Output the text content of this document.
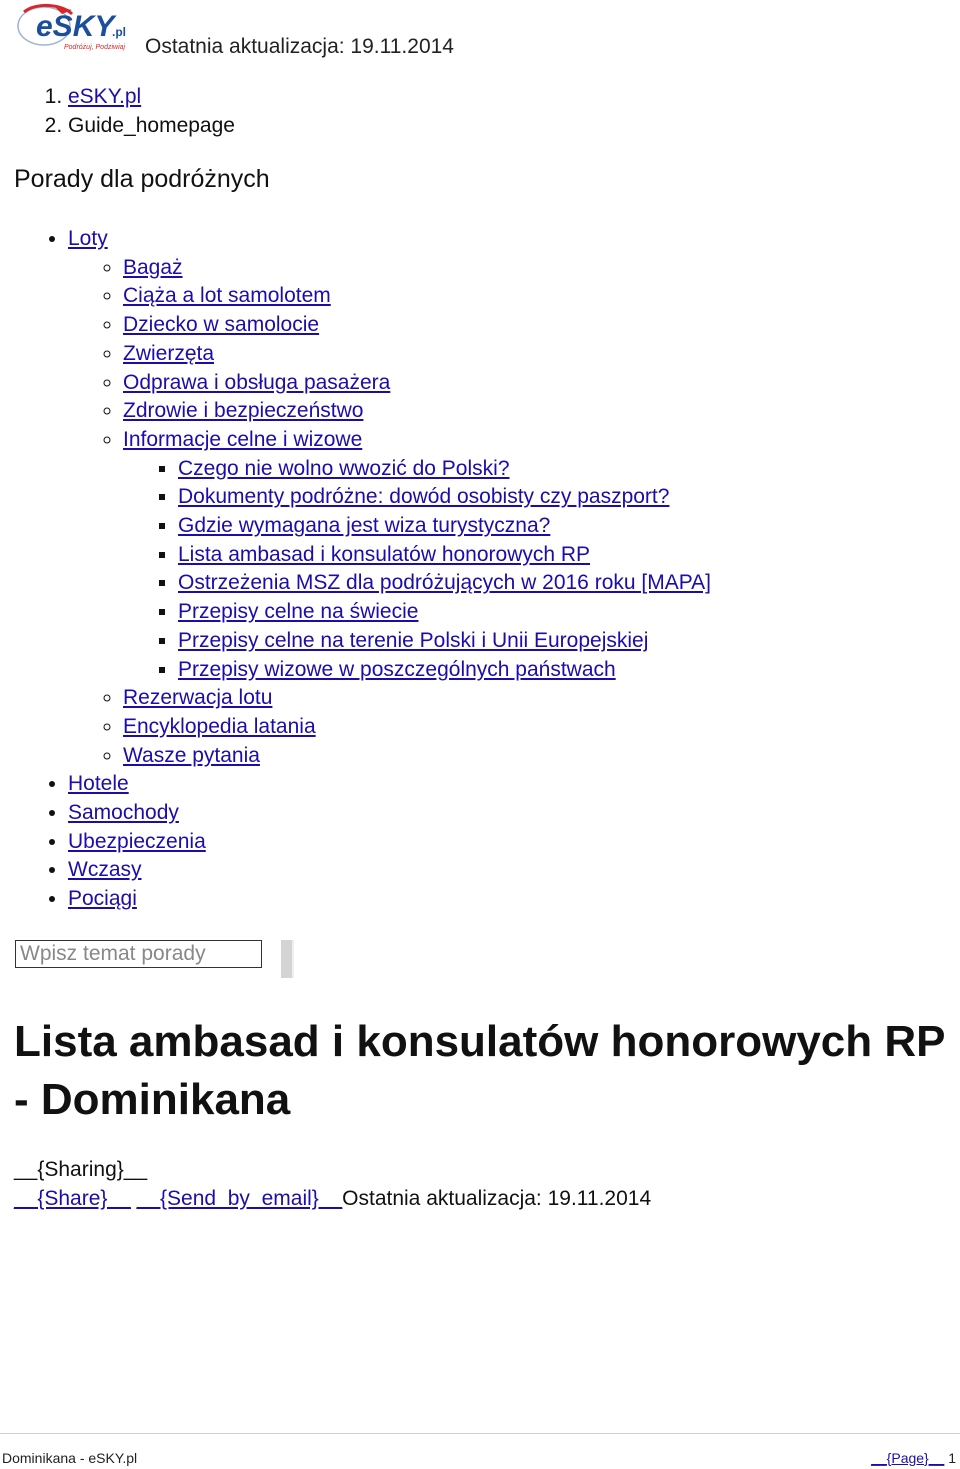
eSKY
.pl
Podróżuj, Podziwiaj Ostatnia aktualizacja: 19.11.2014
1. eSKY.pl
2. Guide_homepage
Porady dla podróżnych
• Loty
◦ Bagaż
◦ Ciąża a lot samolotem
◦ Dziecko w samolocie
◦ Zwierzęta
◦ Odprawa i obsługa pasażera
◦ Zdrowie i bezpieczeństwo
◦ Informacje celne i wizowe
▪ Czego nie wolno wwozić do Polski?
▪ Dokumenty podróżne: dowód osobisty czy paszport?
▪ Gdzie wymagana jest wiza turystyczna?
▪ Lista ambasad i konsulatów honorowych RP
▪ Ostrzeżenia MSZ dla podróżujących w 2016 roku [MAPA]
▪ Przepisy celne na świecie
▪ Przepisy celne na terenie Polski i Unii Europejskiej
▪ Przepisy wizowe w poszczególnych państwach
◦ Rezerwacja lotu
◦ Encyklopedia latania
◦ Wasze pytania
• Hotele
• Samochody
• Ubezpieczenia
• Wczasy
• Pociągi
Wpisz temat porady
Lista ambasad i konsulatów honorowych RP - Dominikana
__{Sharing}__
__{Share}__ __{Send_by_email}__Ostatnia aktualizacja: 19.11.2014
Dominikana - eSKY.pl	__{Page}__ 1
